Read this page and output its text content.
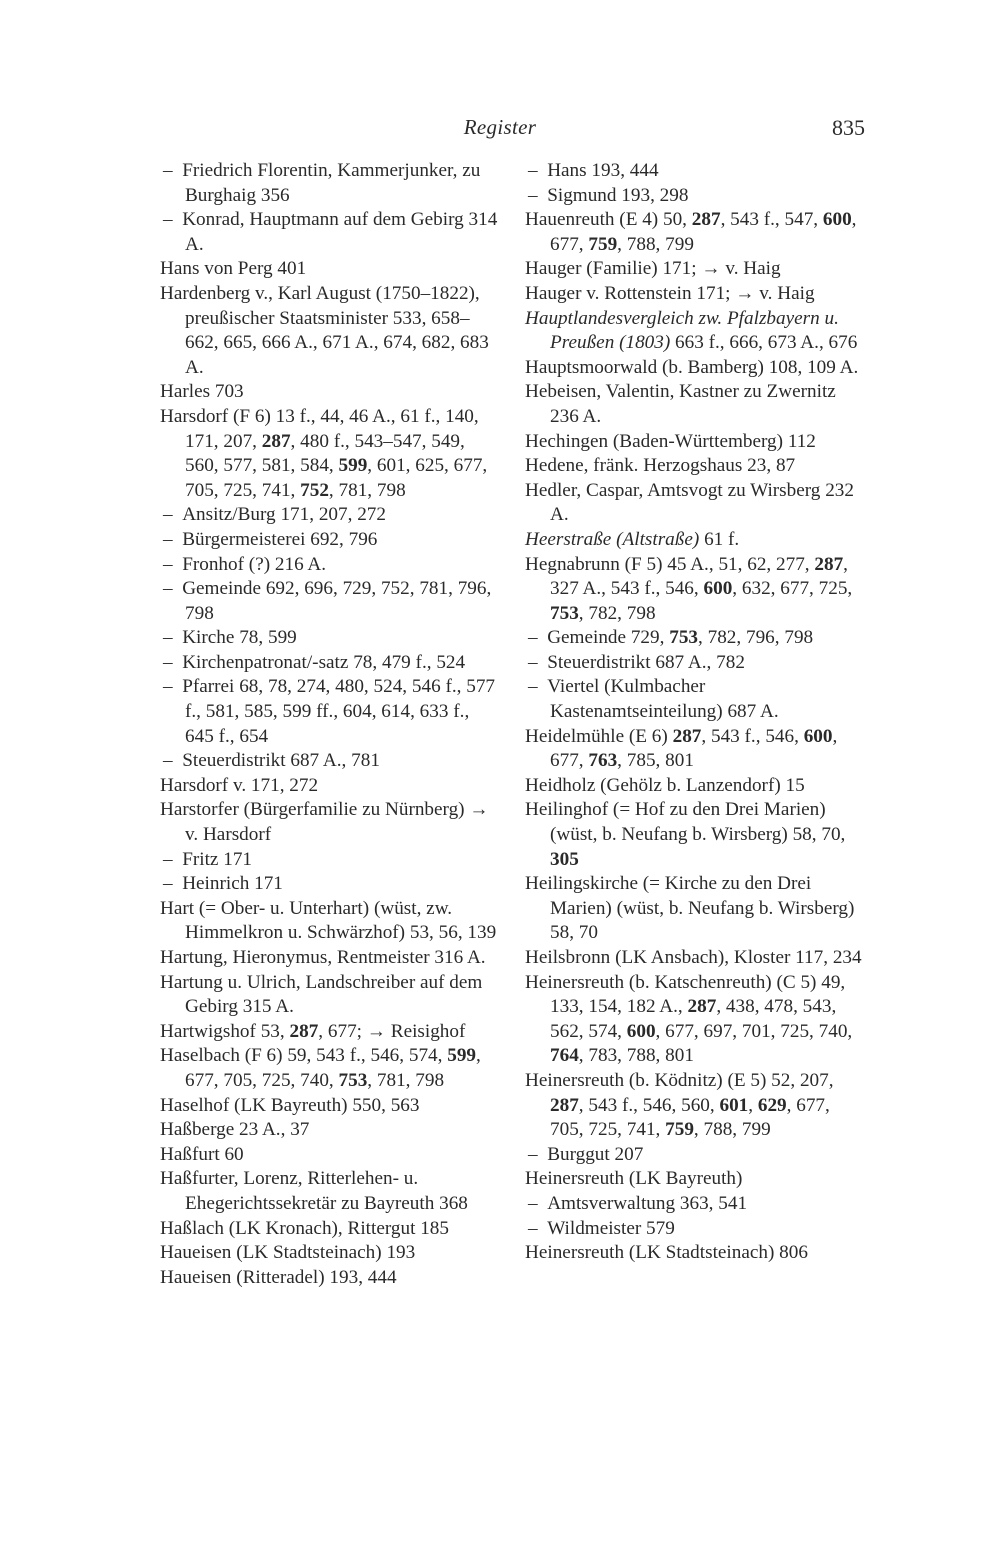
Register	835
–  Friedrich Florentin, Kammerjunker, zu Burghaig 356
–  Konrad, Hauptmann auf dem Gebirg 314 A.
Hans von Perg 401
Hardenberg v., Karl August (1750–1822), preußischer Staatsminister 533, 658–662, 665, 666 A., 671 A., 674, 682, 683 A.
Harles 703
Harsdorf (F 6) 13 f., 44, 46 A., 61 f., 140, 171, 207, 287, 480 f., 543–547, 549, 560, 577, 581, 584, 599, 601, 625, 677, 705, 725, 741, 752, 781, 798
–  Ansitz/Burg 171, 207, 272
–  Bürgermeisterei 692, 796
–  Fronhof (?) 216 A.
–  Gemeinde 692, 696, 729, 752, 781, 796, 798
–  Kirche 78, 599
–  Kirchenpatronat/-satz 78, 479 f., 524
–  Pfarrei 68, 78, 274, 480, 524, 546 f., 577 f., 581, 585, 599 ff., 604, 614, 633 f., 645 f., 654
–  Steuerdistrikt 687 A., 781
Harsdorf v. 171, 272
Harstorfer (Bürgerfamilie zu Nürnberg) → v. Harsdorf
–  Fritz 171
–  Heinrich 171
Hart (= Ober- u. Unterhart) (wüst, zw. Himmelkron u. Schwärzhof) 53, 56, 139
Hartung, Hieronymus, Rentmeister 316 A.
Hartung u. Ulrich, Landschreiber auf dem Gebirg 315 A.
Hartwigshof 53, 287, 677; → Reisighof
Haselbach (F 6) 59, 543 f., 546, 574, 599, 677, 705, 725, 740, 753, 781, 798
Haselhof (LK Bayreuth) 550, 563
Haßberge 23 A., 37
Haßfurt 60
Haßfurter, Lorenz, Ritterlehen- u. Ehegerichtssekretär zu Bayreuth 368
Haßlach (LK Kronach), Rittergut 185
Haueisen (LK Stadtsteinach) 193
Haueisen (Ritteradel) 193, 444
–  Hans 193, 444
–  Sigmund 193, 298
Hauenreuth (E 4) 50, 287, 543 f., 547, 600, 677, 759, 788, 799
Hauger (Familie) 171; → v. Haig
Hauger v. Rottenstein 171; → v. Haig
Hauptlandesvergleich zw. Pfalzbayern u. Preußen (1803) 663 f., 666, 673 A., 676
Hauptsmoorwald (b. Bamberg) 108, 109 A.
Hebeisen, Valentin, Kastner zu Zwernitz 236 A.
Hechingen (Baden-Württemberg) 112
Hedene, fränk. Herzogshaus 23, 87
Hedler, Caspar, Amtsvogt zu Wirsberg 232 A.
Heerstraße (Altstraße) 61 f.
Hegnabrunn (F 5) 45 A., 51, 62, 277, 287, 327 A., 543 f., 546, 600, 632, 677, 725, 753, 782, 798
–  Gemeinde 729, 753, 782, 796, 798
–  Steuerdistrikt 687 A., 782
–  Viertel (Kulmbacher Kastenamtseinteilung) 687 A.
Heidelmühle (E 6) 287, 543 f., 546, 600, 677, 763, 785, 801
Heidholz (Gehölz b. Lanzendorf) 15
Heilinghof (= Hof zu den Drei Marien) (wüst, b. Neufang b. Wirsberg) 58, 70, 305
Heilingskirche (= Kirche zu den Drei Marien) (wüst, b. Neufang b. Wirsberg) 58, 70
Heilsbronn (LK Ansbach), Kloster 117, 234
Heinersreuth (b. Katschenreuth) (C 5) 49, 133, 154, 182 A., 287, 438, 478, 543, 562, 574, 600, 677, 697, 701, 725, 740, 764, 783, 788, 801
Heinersreuth (b. Ködnitz) (E 5) 52, 207, 287, 543 f., 546, 560, 601, 629, 677, 705, 725, 741, 759, 788, 799
–  Burggut 207
Heinersreuth (LK Bayreuth)
–  Amtsverwaltung 363, 541
–  Wildmeister 579
Heinersreuth (LK Stadtsteinach) 806
